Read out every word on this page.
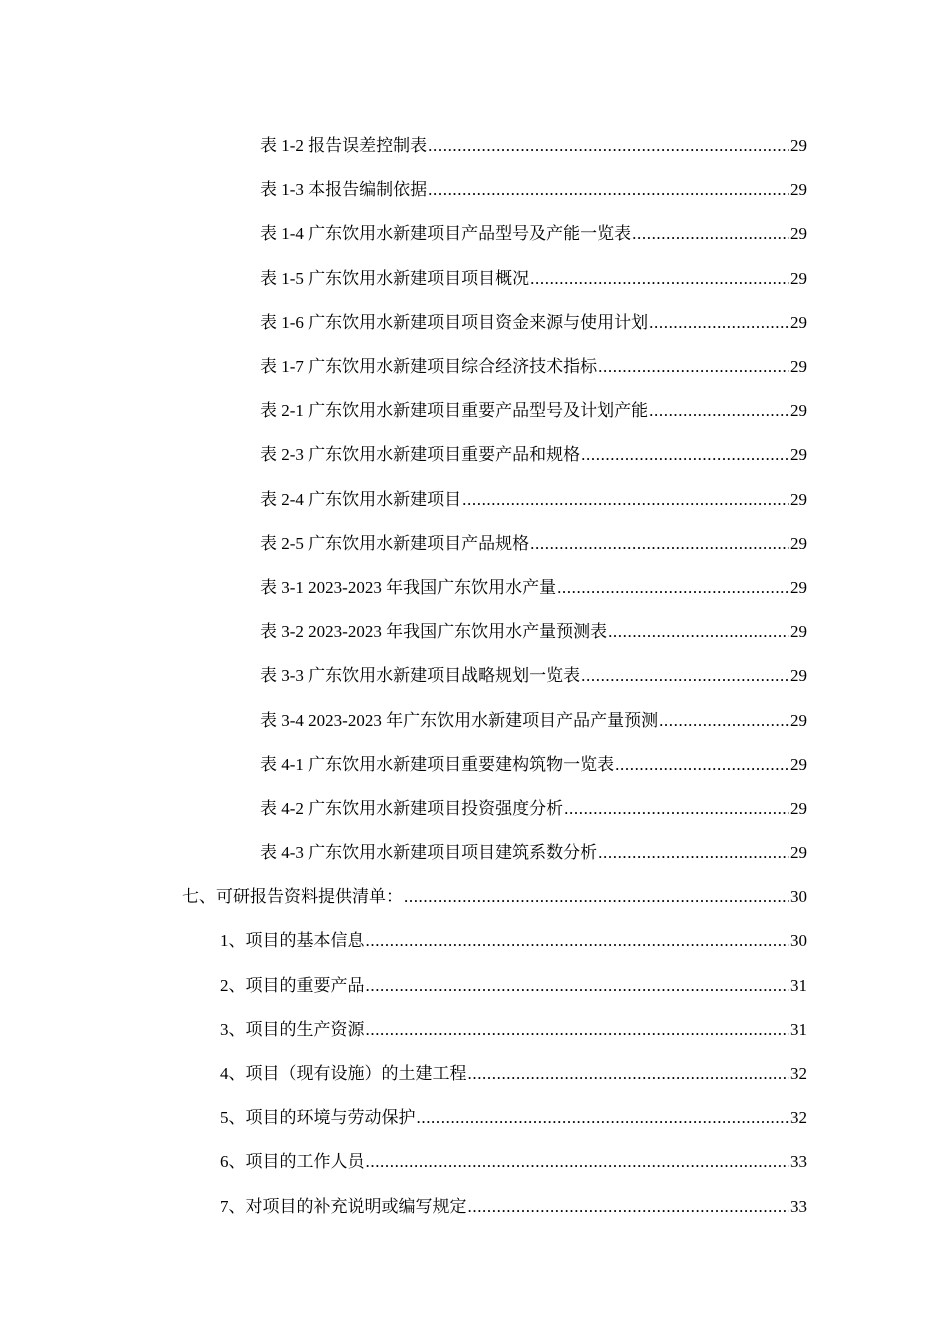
表 1-2 报告误差控制表 .....	29
表 1-3 本报告编制依据 .....	29
表 1-4 广东饮用水新建项目产品型号及产能一览表 .....	29
表 1-5 广东饮用水新建项目项目概况 .....	29
表 1-6 广东饮用水新建项目项目资金来源与使用计划 .....	29
表 1-7 广东饮用水新建项目综合经济技术指标 .....	29
表 2-1 广东饮用水新建项目重要产品型号及计划产能 .....	29
表 2-3 广东饮用水新建项目重要产品和规格 .....	29
表 2-4 广东饮用水新建项目 .....	29
表 2-5 广东饮用水新建项目产品规格 .....	29
表 3-1 2023-2023 年我国广东饮用水产量 .....	29
表 3-2 2023-2023 年我国广东饮用水产量预测表 .....	29
表 3-3 广东饮用水新建项目战略规划一览表 .....	29
表 3-4 2023-2023 年广东饮用水新建项目产品产量预测 .....	29
表 4-1 广东饮用水新建项目重要建构筑物一览表 .....	29
表 4-2 广东饮用水新建项目投资强度分析 .....	29
表 4-3 广东饮用水新建项目项目建筑系数分析 .....	29
七、可研报告资料提供清单： .....	30
1、项目的基本信息 .....	30
2、项目的重要产品 .....	31
3、项目的生产资源 .....	31
4、项目（现有设施）的土建工程 .....	32
5、项目的环境与劳动保护 .....	32
6、项目的工作人员 .....	33
7、对项目的补充说明或编写规定 .....	33
